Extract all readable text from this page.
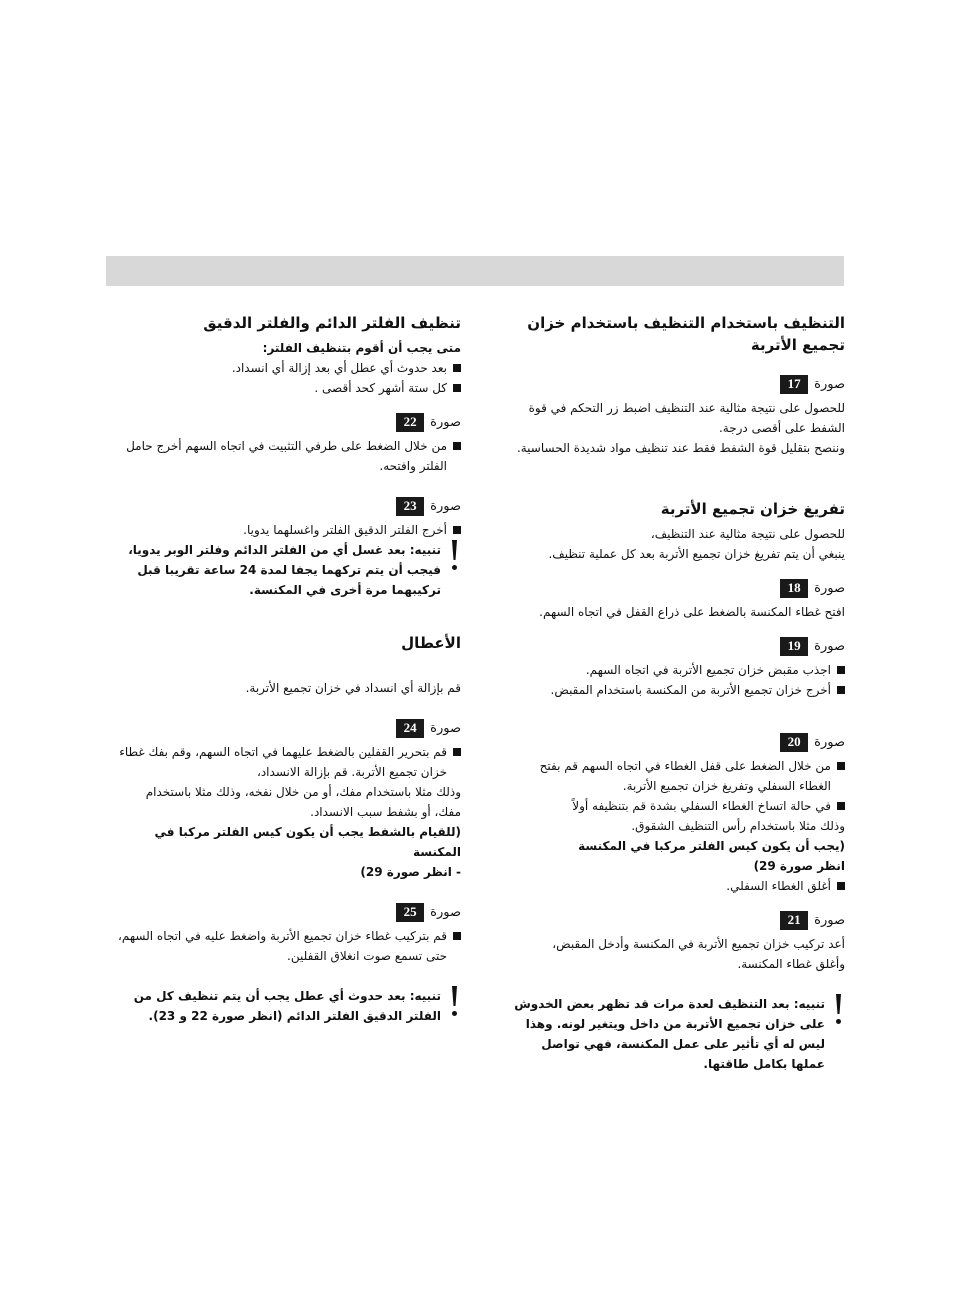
التنظيف باستخدام التنظيف باستخدام خزان تجميع الأتربة
صورة
17

للحصول على نتيجة مثالية عند التنظيف اضبط زر التحكم في قوة الشفط على أقصى درجة.

وننصح بتقليل قوة الشفط فقط عند تنظيف مواد شديدة الحساسية.

تفريغ خزان تجميع الأتربة

للحصول على نتيجة مثالية عند التنظيف،

ينبغي أن يتم تفريغ خزان تجميع الأتربة بعد كل عملية تنظيف.

صورة
18

افتح غطاء المكنسة بالضغط على ذراع القفل في اتجاه السهم.

صورة
19
اجذب مقبض خزان تجميع الأتربة في اتجاه السهم.
أخرج خزان تجميع الأتربة من المكنسة باستخدام المقبض.
صورة
20
من خلال الضغط على قفل الغطاء في اتجاه السهم قم بفتح الغطاء السفلي وتفريغ خزان تجميع الأتربة.
في حالة اتساخ الغطاء السفلي بشدة قم بتنظيفه أولاً

وذلك مثلا باستخدام رأس التنظيف الشقوق.

(يجب أن يكون كيس الفلتر مركبا في المكنسة

انظر صورة 29)

أغلق الغطاء السفلي.
صورة
21

أعد تركيب خزان تجميع الأتربة في المكنسة وأدخل المقبض،

وأغلق غطاء المكنسة.

تنبيه: بعد التنظيف لعدة مرات قد تظهر بعض الخدوش على خزان تجميع الأتربة من داخل ويتغير لونه. وهذا ليس له أي تأثير على عمل المكنسة، فهي تواصل عملها بكامل طاقتها.
تنظيف الفلتر الدائم والفلتر الدقيق

متى يجب أن أقوم بتنظيف الفلتر:

بعد حدوث أي عطل أي بعد إزالة أي انسداد.
كل ستة أشهر كحد أقصى .
صورة
22
من خلال الضغط على طرفي التثبيت في اتجاه السهم أخرج حامل الفلتر وافتحه.
صورة
23
أخرج الفلتر الدقيق الفلتر واغسلهما يدويا.
تنبيه: بعد غسل أي من الفلتر الدائم وفلتر الوبر يدويا، فيجب أن يتم تركهما يجفا لمدة 24 ساعة تقريبا قبل تركيبهما مرة أخرى في المكنسة.
الأعطال

قم بإزالة أي انسداد في خزان تجميع الأتربة.

صورة
24
قم بتحرير القفلين بالضغط عليهما في اتجاه السهم، وقم بفك غطاء خزان تجميع الأتربة. قم بإزالة الانسداد،

وذلك مثلا باستخدام مفك، أو من خلال نفخه، وذلك مثلا باستخدام مفك، أو بشفط سبب الانسداد.

(للقيام بالشفط يجب أن يكون كيس الفلتر مركبا في المكنسة

- انظر صورة 29)

صورة
25
قم بتركيب غطاء خزان تجميع الأتربة واضغط عليه في اتجاه السهم، حتى تسمع صوت انغلاق القفلين.
تنبيه: بعد حدوث أي عطل يجب أن يتم تنظيف كل من الفلتر الدقيق الفلتر الدائم (انظر صورة 22 و 23).
